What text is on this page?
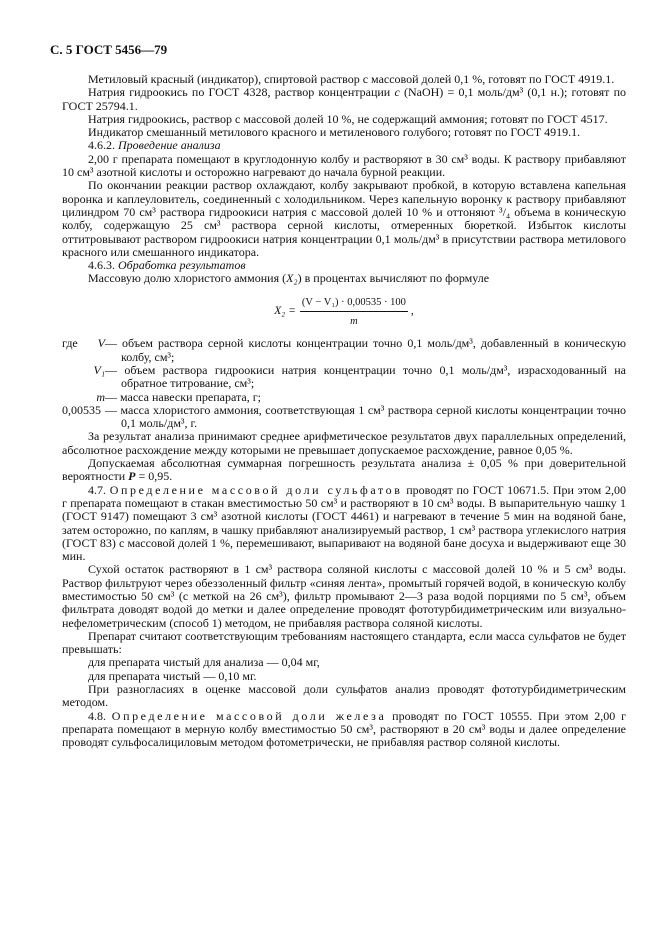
С. 5 ГОСТ 5456—79

Метиловый красный (индикатор), спиртовой раствор с массовой долей 0,1 %, готовят по ГОСТ 4919.1.

Натрия гидроокись по ГОСТ 4328, раствор концентрации c (NaOH) = 0,1 моль/дм³ (0,1 н.); готовят по ГОСТ 25794.1.

Натрия гидроокись, раствор с массовой долей 10 %, не содержащий аммония; готовят по ГОСТ 4517.

Индикатор смешанный метилового красного и метиленового голубого; готовят по ГОСТ 4919.1.

4.6.2. Проведение анализа

2,00 г препарата помещают в круглодонную колбу и растворяют в 30 см³ воды. К раствору прибавляют 10 см³ азотной кислоты и осторожно нагревают до начала бурной реакции.

По окончании реакции раствор охлаждают, колбу закрывают пробкой, в которую вставлена капельная воронка и каплеуловитель, соединенный с холодильником. Через капельную воронку к раствору прибавляют цилиндром 70 см³ раствора гидроокиси натрия с массовой долей 10 % и оттоняют ³/₄ объема в коническую колбу, содержащую 25 см³ раствора серной кислоты, отмеренных бюреткой. Избыток кислоты оттитровывают раствором гидроокиси натрия концентрации 0,1 моль/дм³ в присутствии раствора метилового красного или смешанного индикатора.

4.6.3. Обработка результатов

Массовую долю хлористого аммония (X₂) в процентах вычисляют по формуле

$X_2 = \frac{\text{(V − V₁) · 0,00535 · 100}}{m}$ ,
где	V — объем раствора серной кислоты концентрации точно 0,1 моль/дм³, добавленный в коническую колбу, см³;
V₁ — объем раствора гидроокиси натрия концентрации точно 0,1 моль/дм³, израсходованный на обратное титрование, см³;
m — масса навески препарата, г;
0,00535 — масса хлористого аммония, соответствующая 1 см³ раствора серной кислоты концентрации точно 0,1 моль/дм³, г.

За результат анализа принимают среднее арифметическое результатов двух параллельных определений, абсолютное расхождение между которыми не превышает допускаемое расхождение, равное 0,05 %.

Допускаемая абсолютная суммарная погрешность результата анализа ± 0,05 % при доверительной вероятности P = 0,95.

4.7. Определение массовой доли сульфатов проводят по ГОСТ 10671.5. При этом 2,00 г препарата помещают в стакан вместимостью 50 см³ и растворяют в 10 см³ воды. В выпарительную чашку 1 (ГОСТ 9147) помещают 3 см³ азотной кислоты (ГОСТ 4461) и нагревают в течение 5 мин на водяной бане, затем осторожно, по каплям, в чашку прибавляют анализируемый раствор, 1 см³ раствора углекислого натрия (ГОСТ 83) с массовой долей 1 %, перемешивают, выпаривают на водяной бане досуха и выдерживают еще 30 мин.

Сухой остаток растворяют в 1 см³ раствора соляной кислоты с массовой долей 10 % и 5 см³ воды. Раствор фильтруют через обеззоленный фильтр «синяя лента», промытый горячей водой, в коническую колбу вместимостью 50 см³ (с меткой на 26 см³), фильтр промывают 2—3 раза водой порциями по 5 см³, объем фильтрата доводят водой до метки и далее определение проводят фототурбидиметрическим или визуально-нефелометрическим (способ 1) методом, не прибавляя раствора соляной кислоты.

Препарат считают соответствующим требованиям настоящего стандарта, если масса сульфатов не будет превышать:

для препарата чистый для анализа — 0,04 мг,

для препарата чистый — 0,10 мг.

При разногласиях в оценке массовой доли сульфатов анализ проводят фототурбидиметрическим методом.

4.8. Определение массовой доли железа проводят по ГОСТ 10555. При этом 2,00 г препарата помещают в мерную колбу вместимостью 50 см³, растворяют в 20 см³ воды и далее определение проводят сульфосалициловым методом фотометрически, не прибавляя раствор соляной кислоты.
